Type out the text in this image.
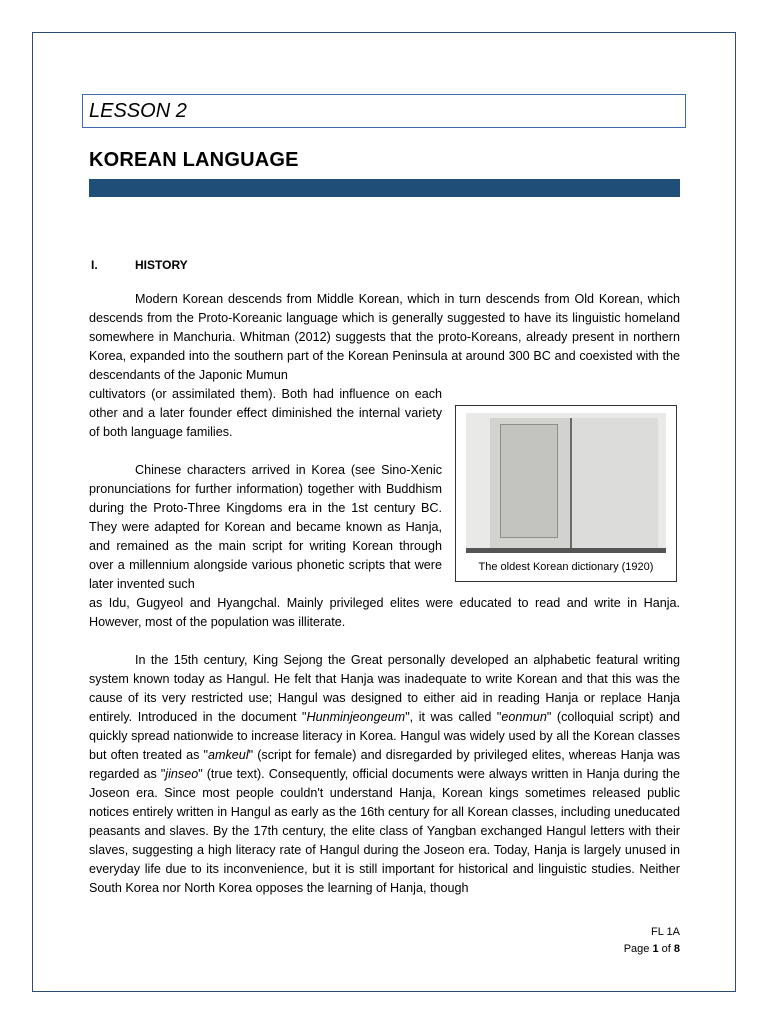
LESSON 2
KOREAN LANGUAGE
I.	HISTORY

Modern Korean descends from Middle Korean, which in turn descends from Old Korean, which descends from the Proto-Koreanic language which is generally suggested to have its linguistic homeland somewhere in Manchuria. Whitman (2012) suggests that the proto-Koreans, already present in northern Korea, expanded into the southern part of the Korean Peninsula at around 300 BC and coexisted with the descendants of the Japonic Mumun

cultivators (or assimilated them). Both had influence on each other and a later founder effect diminished the internal variety of both language families.

The oldest Korean dictionary (1920)

Chinese characters arrived in Korea (see Sino-Xenic pronunciations for further information) together with Buddhism during the Proto-Three Kingdoms era in the 1st century BC. They were adapted for Korean and became known as Hanja, and remained as the main script for writing Korean through over a millennium alongside various phonetic scripts that were later invented such

as Idu, Gugyeol and Hyangchal. Mainly privileged elites were educated to read and write in Hanja. However, most of the population was illiterate.

In the 15th century, King Sejong the Great personally developed an alphabetic featural writing system known today as Hangul. He felt that Hanja was inadequate to write Korean and that this was the cause of its very restricted use; Hangul was designed to either aid in reading Hanja or replace Hanja entirely. Introduced in the document "Hunminjeongeum", it was called "eonmun" (colloquial script) and quickly spread nationwide to increase literacy in Korea. Hangul was widely used by all the Korean classes but often treated as "amkeul" (script for female) and disregarded by privileged elites, whereas Hanja was regarded as "jinseo" (true text). Consequently, official documents were always written in Hanja during the Joseon era. Since most people couldn't understand Hanja, Korean kings sometimes released public notices entirely written in Hangul as early as the 16th century for all Korean classes, including uneducated peasants and slaves. By the 17th century, the elite class of Yangban exchanged Hangul letters with their slaves, suggesting a high literacy rate of Hangul during the Joseon era. Today, Hanja is largely unused in everyday life due to its inconvenience, but it is still important for historical and linguistic studies. Neither South Korea nor North Korea opposes the learning of Hanja, though

FL 1A
Page 1 of 8
